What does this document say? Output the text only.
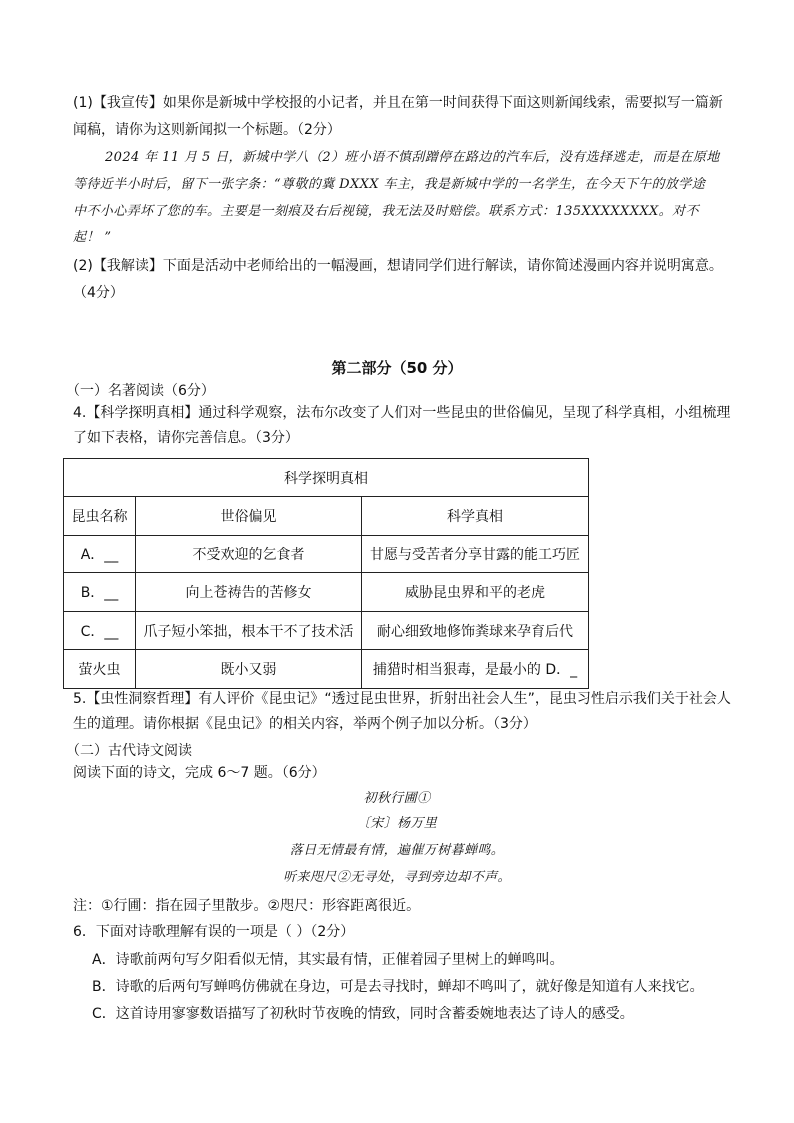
(1)【我宣传】如果你是新城中学校报的小记者，并且在第一时间获得下面这则新闻线索，需要拟写一篇新
闻稿，请你为这则新闻拟一个标题。（2分）
2024 年 11 月 5 日，新城中学八（2）班小语不慎刮蹭停在路边的汽车后，没有选择逃走，而是在原地
等待近半小时后，留下一张字条：“尊敬的冀 DXXX 车主，我是新城中学的一名学生，在今天下午的放学途
中不小心弄坏了您的车。主要是一刻痕及右后视镜，我无法及时赔偿。联系方式：135XXXXXXXX。对不
起！ ”
(2)【我解读】下面是活动中老师给出的一幅漫画，想请同学们进行解读，请你简述漫画内容并说明寓意。
（4分）
第二部分（50 分）
（一）名著阅读（6分）
4.【科学探明真相】通过科学观察，法布尔改变了人们对一些昆虫的世俗偏见，呈现了科学真相，小组梳理
了如下表格，请你完善信息。（3分）
科学探明真相		
昆虫名称	世俗偏见	科学真相
A．__	不受欢迎的乞食者	甘愿与受苦者分享甘露的能工巧匠
B．__	向上苍祷告的苦修女	威胁昆虫界和平的老虎
C．__	爪子短小笨拙，根本干不了技术活	耐心细致地修饰粪球来孕育后代
萤火虫	既小又弱	捕猎时相当狠毒，是最小的 D．_
5.【虫性洞察哲理】有人评价《昆虫记》“透过昆虫世界，折射出社会人生”，昆虫习性启示我们关于社会人
生的道理。请你根据《昆虫记》的相关内容，举两个例子加以分析。（3分）
（二）古代诗文阅读
阅读下面的诗文，完成 6～7 题。（6分）
初秋行圃①
〔宋〕杨万里
落日无情最有情，遍催万树暮蝉鸣。
听来咫尺②无寻处，寻到旁边却不声。
注：①行圃：指在园子里散步。②咫尺：形容距离很近。
6．下面对诗歌理解有误的一项是（ ）（2分）
A．诗歌前两句写夕阳看似无情，其实最有情，正催着园子里树上的蝉鸣叫。
B．诗歌的后两句写蝉鸣仿佛就在身边，可是去寻找时，蝉却不鸣叫了，就好像是知道有人来找它。
C．这首诗用寥寥数语描写了初秋时节夜晚的情致，同时含蓄委婉地表达了诗人的感受。
